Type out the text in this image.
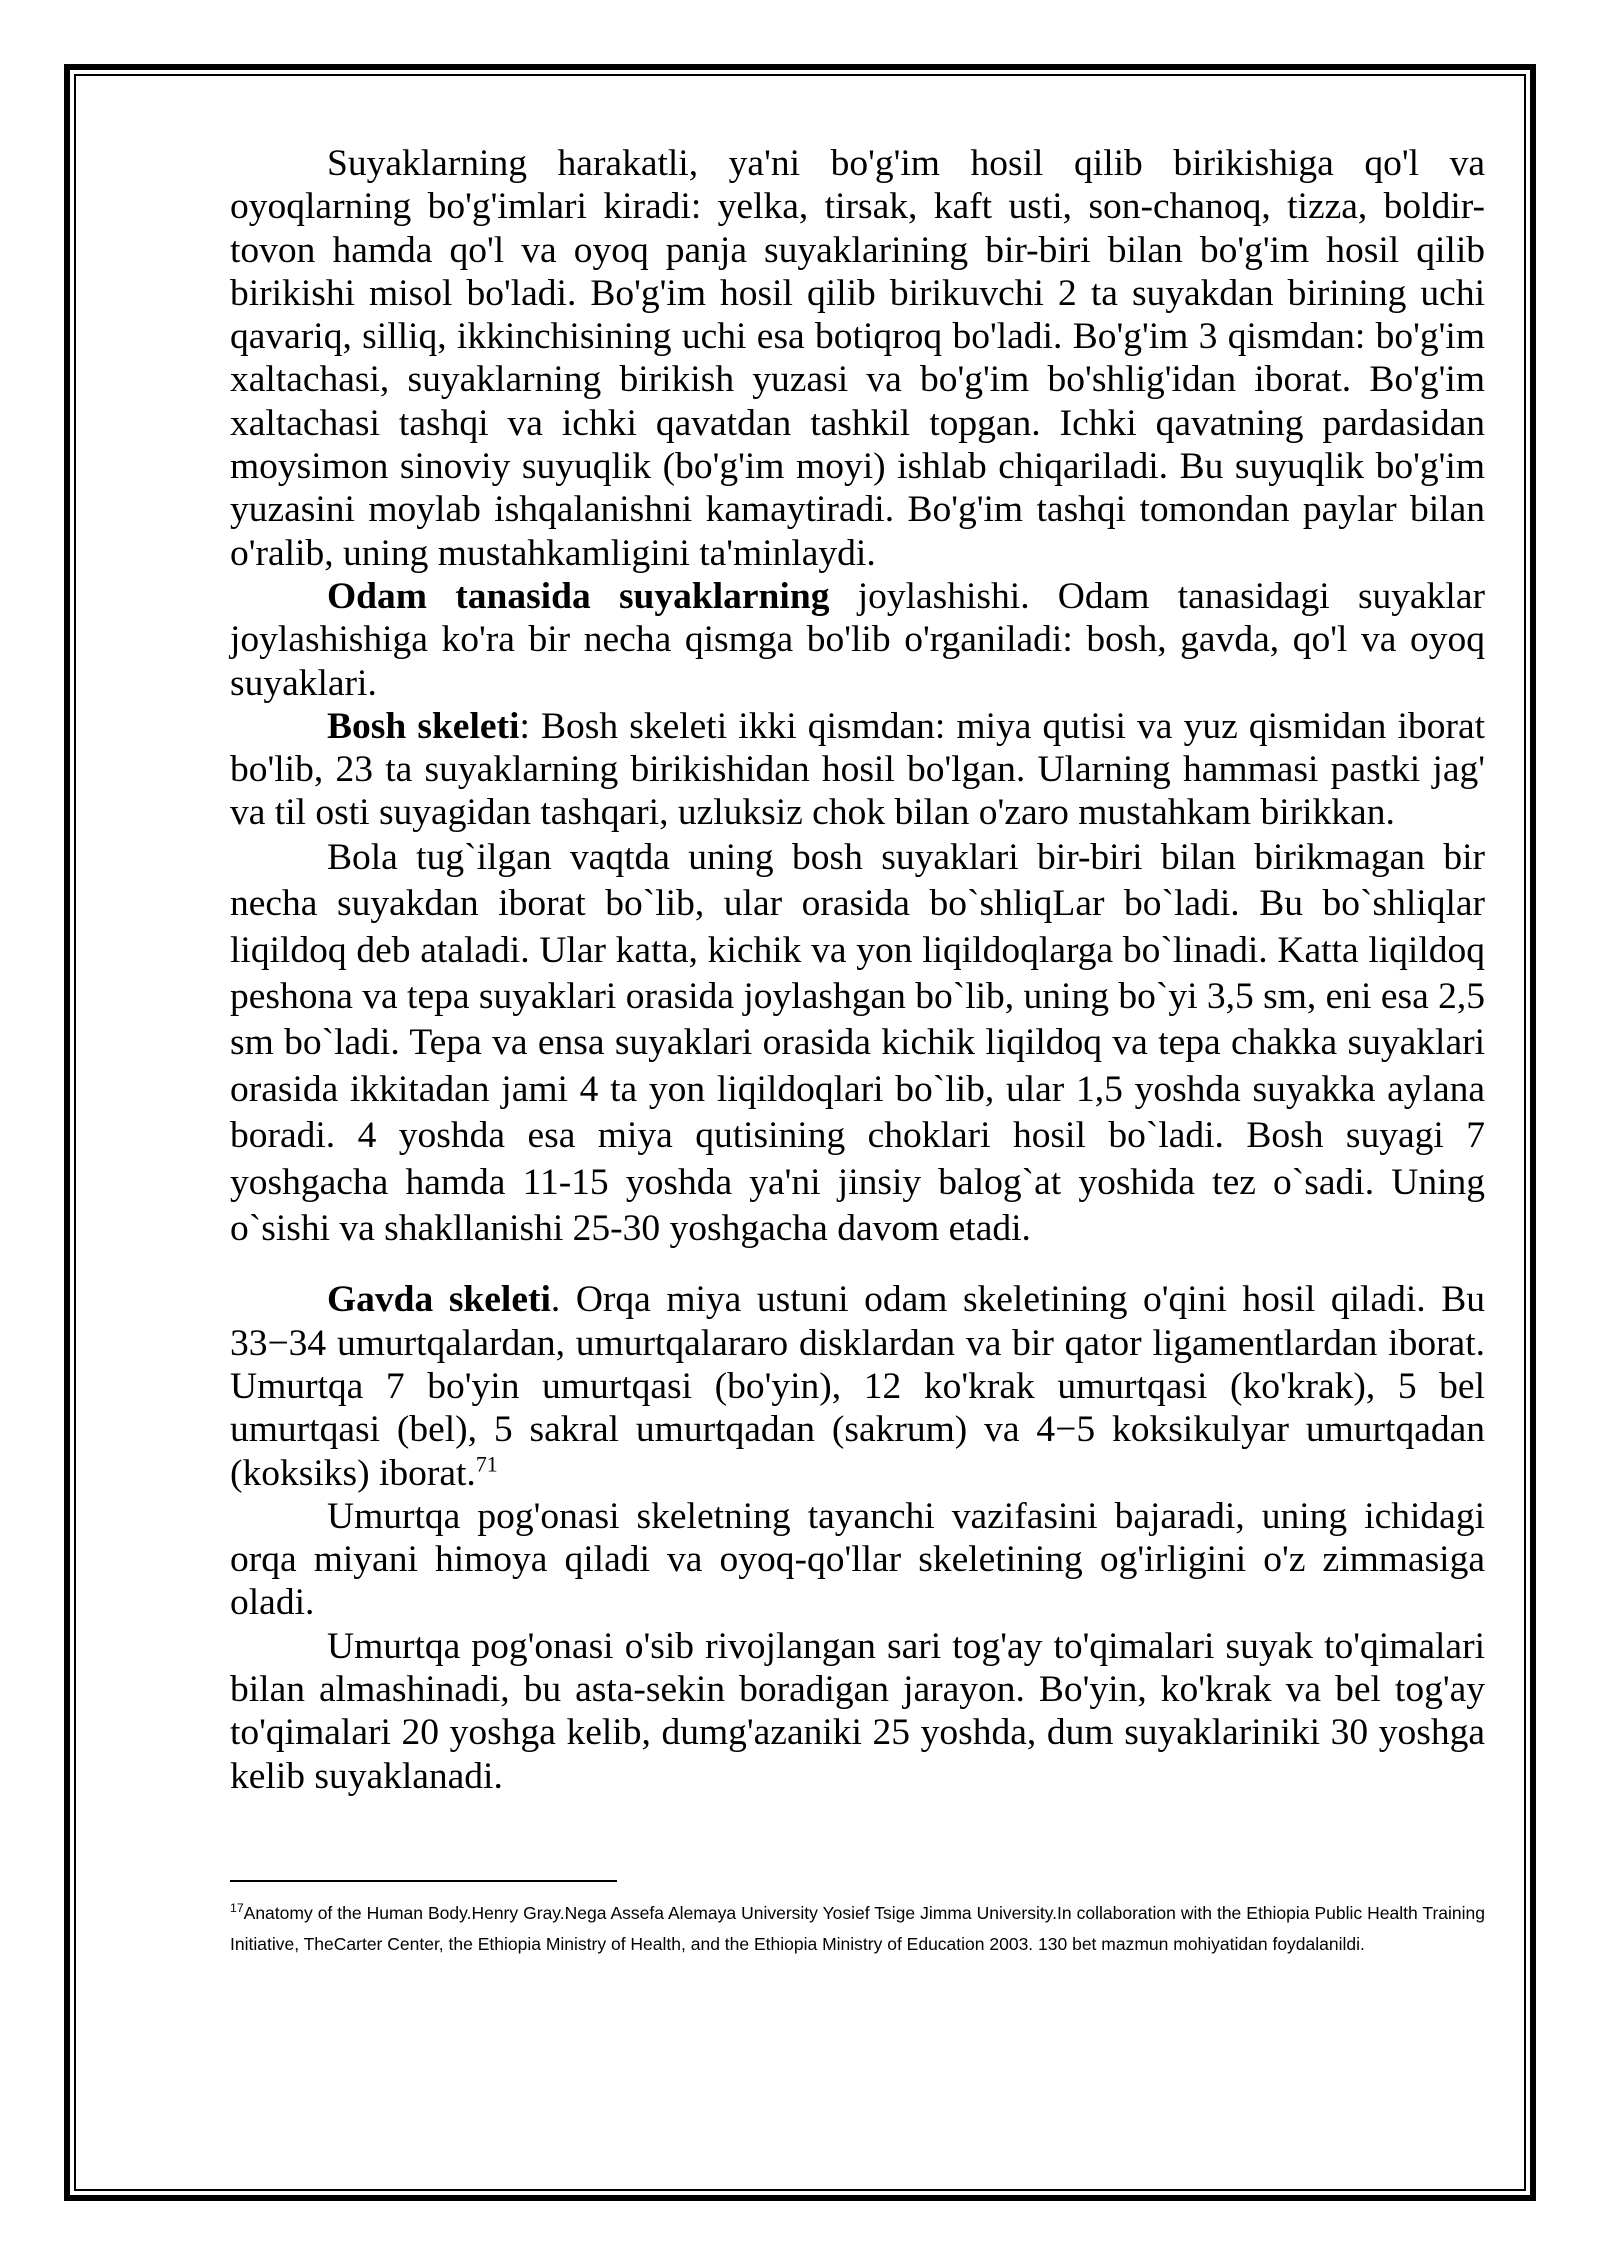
Suyaklarning harakatli, ya'ni bo'g'im hosil qilib birikishiga qo'l va oyoqlarning bo'g'imlari kiradi: yelka, tirsak, kaft usti, son-chanoq, tizza, boldir-tovon hamda qo'l va oyoq panja suyaklarining bir-biri bilan bo'g'im hosil qilib birikishi misol bo'ladi. Bo'g'im hosil qilib birikuvchi 2 ta suyakdan birining uchi qavariq, silliq, ikkinchisining uchi esa botiqroq bo'ladi. Bo'g'im 3 qismdan: bo'g'im xaltachasi, suyaklarning birikish yuzasi va bo'g'im bo'shlig'idan iborat. Bo'g'im xaltachasi tashqi va ichki qavatdan tashkil topgan. Ichki qavatning pardasidan moysimon sinoviy suyuqlik (bo'g'im moyi) ishlab chiqariladi. Bu suyuqlik bo'g'im yuzasini moylab ishqalanishni kamaytiradi. Bo'g'im tashqi tomondan paylar bilan o'ralib, uning mustahkamligini ta'minlaydi.

Odam tanasida suyaklarning joylashishi. Odam tanasidagi suyaklar joylashishiga ko'ra bir necha qismga bo'lib o'rganiladi: bosh, gavda, qo'l va oyoq suyaklari.

Bosh skeleti: Bosh skeleti ikki qismdan: miya qutisi va yuz qismidan iborat bo'lib, 23 ta suyaklarning birikishidan hosil bo'lgan. Ularning hammasi pastki jag' va til osti suyagidan tashqari, uzluksiz chok bilan o'zaro mustahkam birikkan.

Bola tug`ilgan vaqtda uning bosh suyaklari bir-biri bilan birikmagan bir necha suyakdan iborat bo`lib, ular orasida bo`shliqLar bo`ladi. Bu bo`shliqlar liqildoq deb ataladi. Ular katta, kichik va yon liqildoqlarga bo`linadi. Katta liqildoq peshona va tepa suyaklari orasida joylashgan bo`lib, uning bo`yi 3,5 sm, eni esa 2,5 sm bo`ladi. Tepa va ensa suyaklari orasida kichik liqildoq va tepa chakka suyaklari orasida ikkitadan jami 4 ta yon liqildoqlari bo`lib, ular 1,5 yoshda suyakka aylana boradi. 4 yoshda esa miya qutisining choklari hosil bo`ladi. Bosh suyagi 7 yoshgacha hamda 11-15 yoshda ya'ni jinsiy balog`at yoshida tez o`sadi. Uning o`sishi va shakllanishi 25-30 yoshgacha davom etadi.

Gavda skeleti. Orqa miya ustuni odam skeletining o'qini hosil qiladi. Bu 33−34 umurtqalardan, umurtqalararo disklardan va bir qator ligamentlardan iborat. Umurtqa 7 bo'yin umurtqasi (bo'yin), 12 ko'krak umurtqasi (ko'krak), 5 bel umurtqasi (bel), 5 sakral umurtqadan (sakrum) va 4−5 koksikulyar umurtqadan (koksiks) iborat.$^{71}$

Umurtqa pog'onasi skeletning tayanchi vazifasini bajaradi, uning ichidagi orqa miyani himoya qiladi va oyoq-qo'llar skeletining og'irligini o'z zimmasiga oladi.

Umurtqa pog'onasi o'sib rivojlangan sari tog'ay to'qimalari suyak to'qimalari bilan almashinadi, bu asta-sekin boradigan jarayon. Bo'yin, ko'krak va bel tog'ay to'qimalari 20 yoshga kelib, dumg'azaniki 25 yoshda, dum suyaklariniki 30 yoshga kelib suyaklanadi.

$^{17}$Anatomy of the Human Body.Henry Gray.Nega Assefa Alemaya University Yosief Tsige Jimma University.In collaboration with the Ethiopia Public Health Training Initiative, TheCarter Center, the Ethiopia Ministry of Health, and the Ethiopia Ministry of Education 2003. 130 bet mazmun mohiyatidan foydalanildi.
